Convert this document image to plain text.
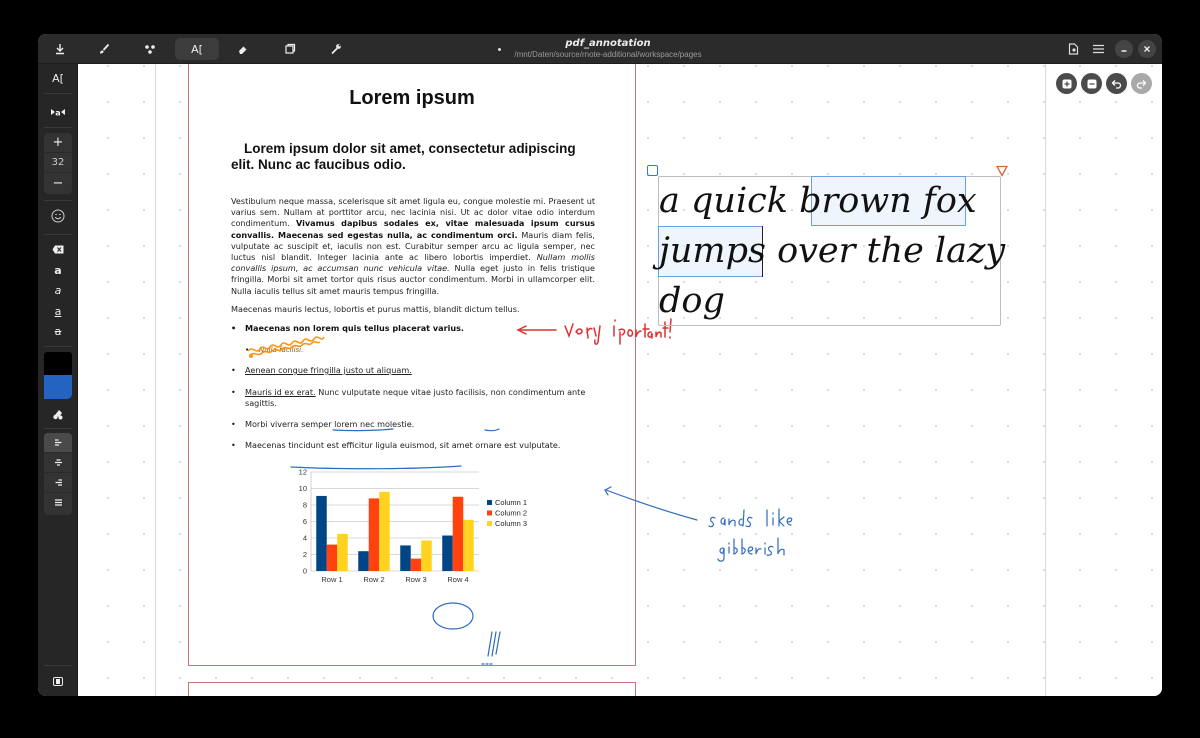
A[	pdf_annotation
/mnt/Daten/source/rnote-additional/workspace/pages
A[
a
+
32
−
a
a
a
a
Lorem ipsum
Lorem ipsum dolor sit amet, consectetur adipiscing elit. Nunc ac faucibus odio.
Vestibulum neque massa, scelerisque sit amet ligula eu, congue molestie mi. Praesent ut varius sem. Nullam at porttitor arcu, nec lacinia nisi. Ut ac dolor vitae odio interdum condimentum. Vivamus dapibus sodales ex, vitae malesuada ipsum cursus convallis. Maecenas sed egestas nulla, ac condimentum orci. Mauris diam felis, vulputate ac suscipit et, iaculis non est. Curabitur semper arcu ac ligula semper, nec luctus nisl blandit. Integer lacinia ante ac libero lobortis imperdiet. Nullam mollis convallis ipsum, ac accumsan nunc vehicula vitae. Nulla eget justo in felis tristique fringilla. Morbi sit amet tortor quis risus auctor condimentum. Morbi in ullamcorper elit. Nulla iaculis tellus sit amet mauris tempus fringilla.
Maecenas mauris lectus, lobortis et purus mattis, blandit dictum tellus.
• Maecenas non lorem quis tellus placerat varius.
• Nulla facilisi.
• Aenean congue fringilla justo ut aliquam.
• Mauris id ex erat. Nunc vulputate neque vitae justo facilisis, non condimentum ante sagittis.
• Morbi viverra semper lorem nec molestie.
• Maecenas tincidunt est efficitur ligula euismod, sit amet ornare est vulputate.
0
2
4
6
8
10
12
Row 1	Row 2	Row 3	Row 4
Column 1
Column 2
Column 3
a quick brown fox
jumps over the lazy
dog
